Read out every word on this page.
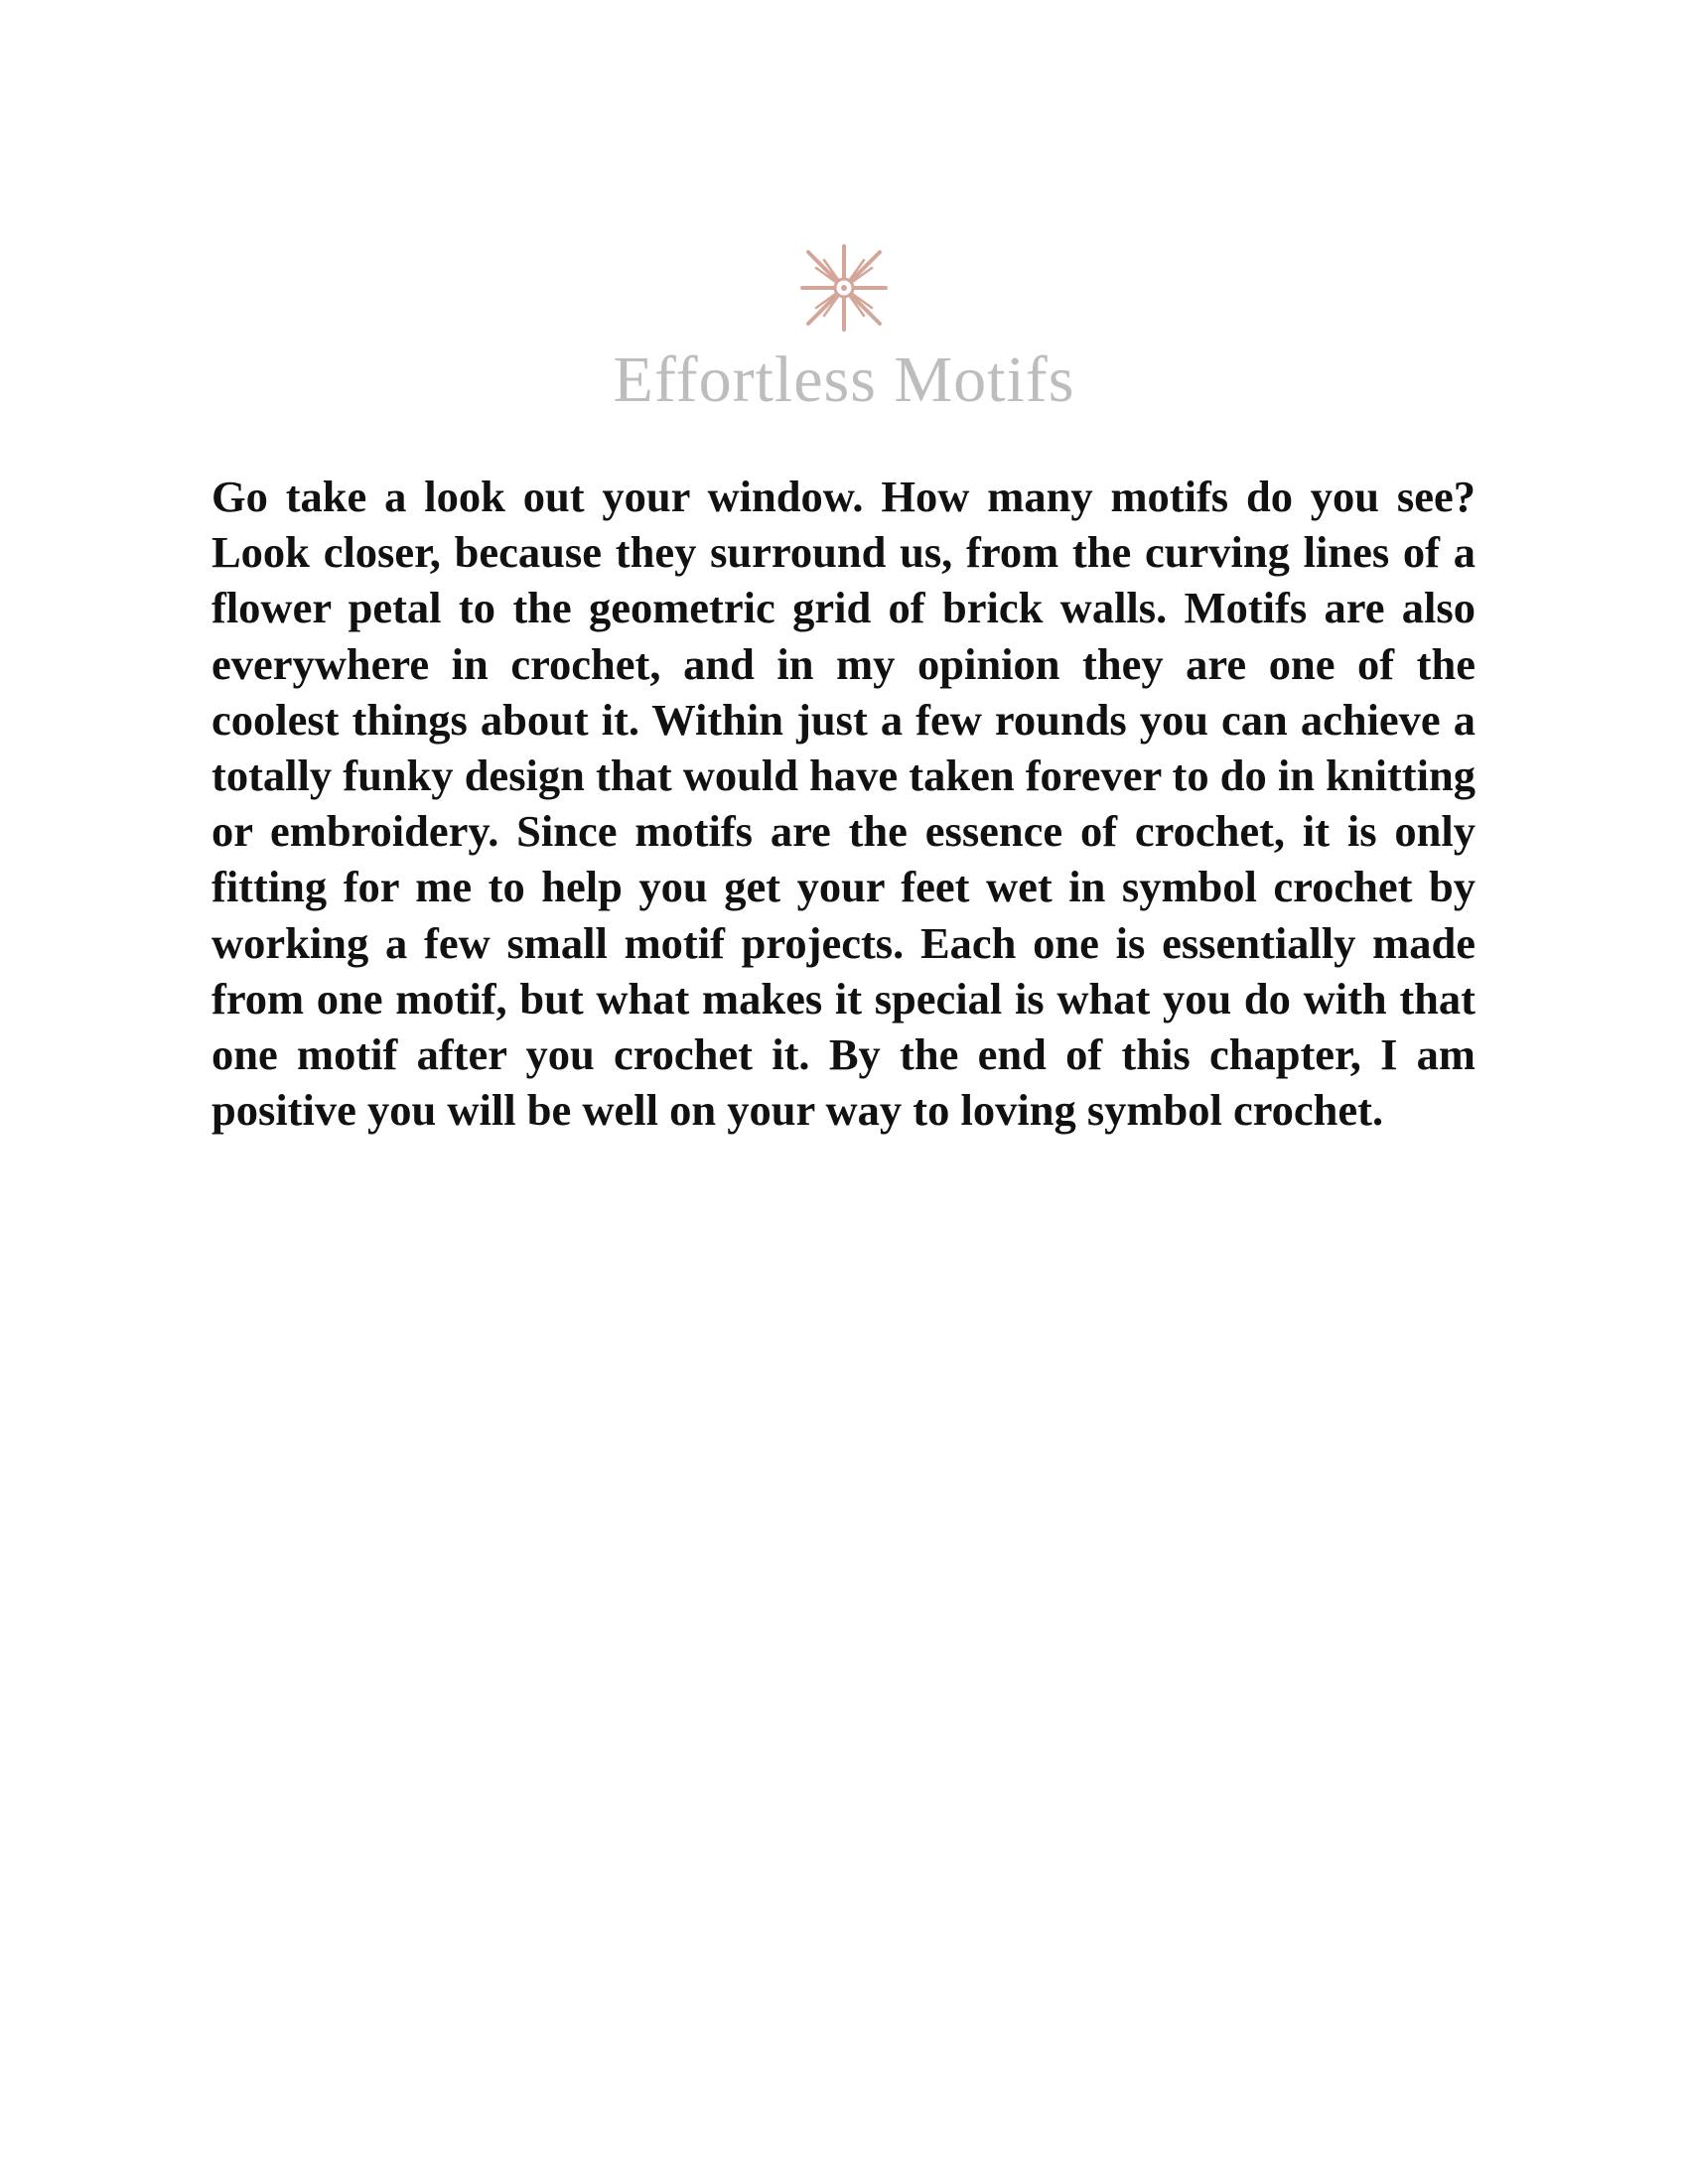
Effortless Motifs

Go take a look out your window. How many motifs do you see? Look closer, because they surround us, from the curving lines of a flower petal to the geometric grid of brick walls. Motifs are also everywhere in crochet, and in my opinion they are one of the coolest things about it. Within just a few rounds you can achieve a totally funky design that would have taken forever to do in knitting or embroidery. Since motifs are the essence of crochet, it is only fitting for me to help you get your feet wet in symbol crochet by working a few small motif projects. Each one is essentially made from one motif, but what makes it special is what you do with that one motif after you crochet it. By the end of this chapter, I am positive you will be well on your way to loving symbol crochet.
